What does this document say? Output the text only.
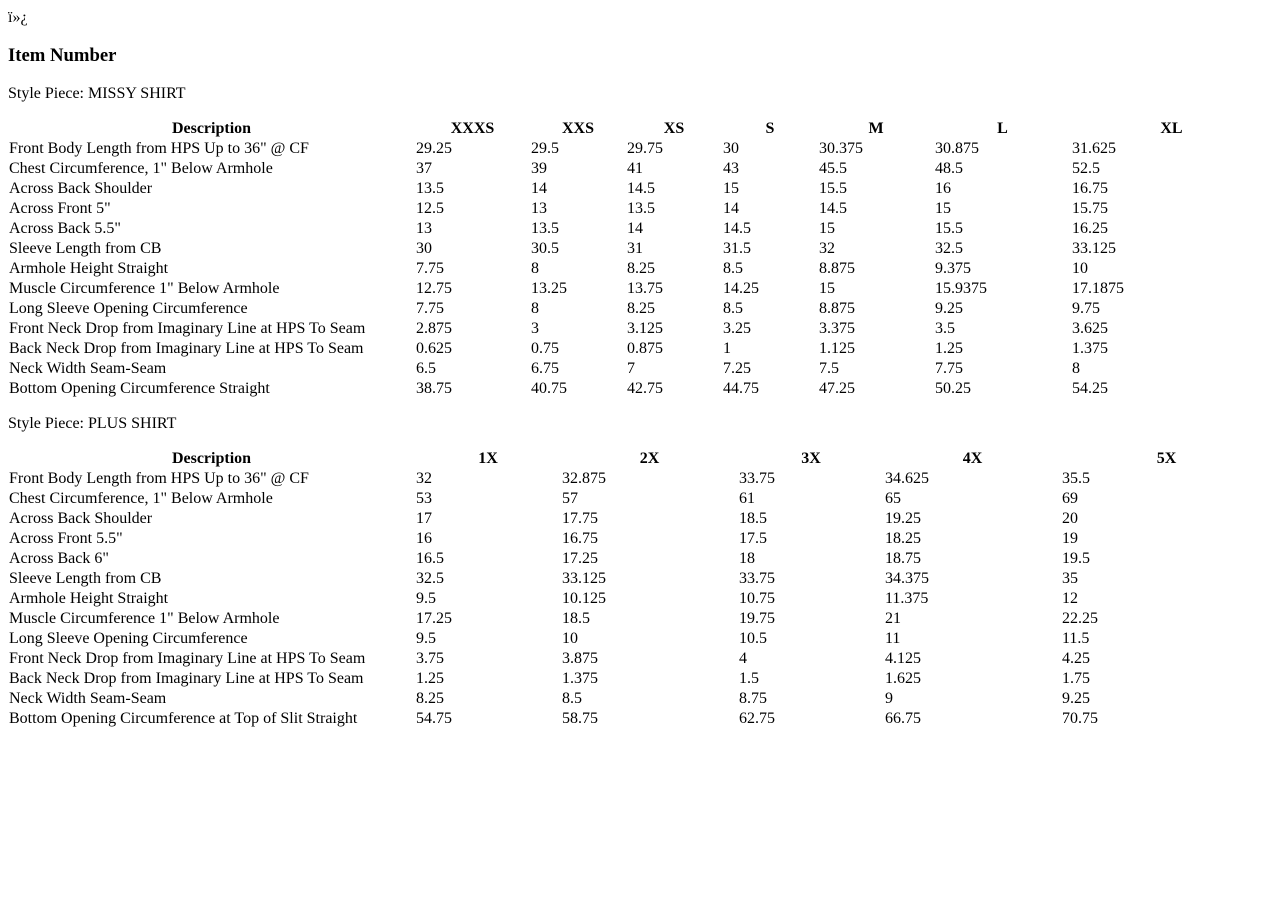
ï»¿
Item Number

Style Piece: MISSY SHIRT

Description	XXXS	XXS	XS	S	M	L	XL
Front Body Length from HPS Up to 36" @ CF	29.25	29.5	29.75	30	30.375	30.875	31.625
Chest Circumference, 1" Below Armhole	37	39	41	43	45.5	48.5	52.5
Across Back Shoulder	13.5	14	14.5	15	15.5	16	16.75
Across Front 5"	12.5	13	13.5	14	14.5	15	15.75
Across Back 5.5"	13	13.5	14	14.5	15	15.5	16.25
Sleeve Length from CB	30	30.5	31	31.5	32	32.5	33.125
Armhole Height Straight	7.75	8	8.25	8.5	8.875	9.375	10
Muscle Circumference 1" Below Armhole	12.75	13.25	13.75	14.25	15	15.9375	17.1875
Long Sleeve Opening Circumference	7.75	8	8.25	8.5	8.875	9.25	9.75
Front Neck Drop from Imaginary Line at HPS To Seam	2.875	3	3.125	3.25	3.375	3.5	3.625
Back Neck Drop from Imaginary Line at HPS To Seam	0.625	0.75	0.875	1	1.125	1.25	1.375
Neck Width Seam-Seam	6.5	6.75	7	7.25	7.5	7.75	8
Bottom Opening Circumference Straight	38.75	40.75	42.75	44.75	47.25	50.25	54.25

Style Piece: PLUS SHIRT

Description	1X	2X	3X	4X	5X
Front Body Length from HPS Up to 36" @ CF	32	32.875	33.75	34.625	35.5
Chest Circumference, 1" Below Armhole	53	57	61	65	69
Across Back Shoulder	17	17.75	18.5	19.25	20
Across Front 5.5"	16	16.75	17.5	18.25	19
Across Back 6"	16.5	17.25	18	18.75	19.5
Sleeve Length from CB	32.5	33.125	33.75	34.375	35
Armhole Height Straight	9.5	10.125	10.75	11.375	12
Muscle Circumference 1" Below Armhole	17.25	18.5	19.75	21	22.25
Long Sleeve Opening Circumference	9.5	10	10.5	11	11.5
Front Neck Drop from Imaginary Line at HPS To Seam	3.75	3.875	4	4.125	4.25
Back Neck Drop from Imaginary Line at HPS To Seam	1.25	1.375	1.5	1.625	1.75
Neck Width Seam-Seam	8.25	8.5	8.75	9	9.25
Bottom Opening Circumference at Top of Slit Straight	54.75	58.75	62.75	66.75	70.75
